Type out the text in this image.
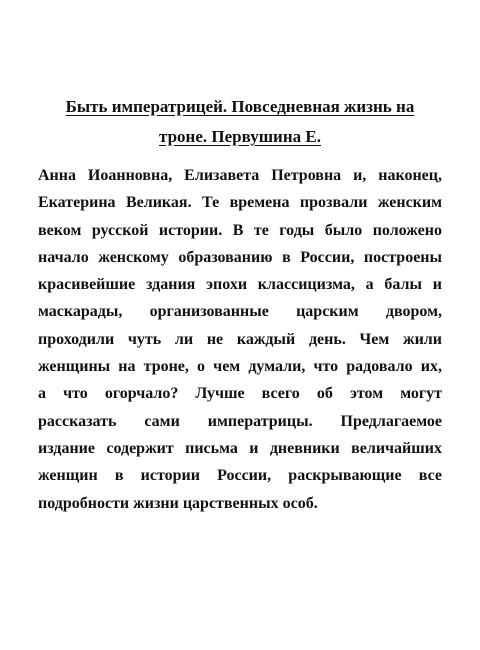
Быть императрицей. Повседневная жизнь на
троне. Первушина Е.
Анна Иоанновна, Елизавета Петровна и, наконец,
Екатерина Великая. Те времена прозвали женским
веком русской истории. В те годы было положено
начало женскому образованию в России, построены
красивейшие здания эпохи классицизма, а балы и
маскарады, организованные царским двором,
проходили чуть ли не каждый день. Чем жили
женщины на троне, о чем думали, что радовало их,
а что огорчало? Лучше всего об этом могут
рассказать сами императрицы. Предлагаемое
издание содержит письма и дневники величайших
женщин в истории России, раскрывающие все
подробности жизни царственных особ.
